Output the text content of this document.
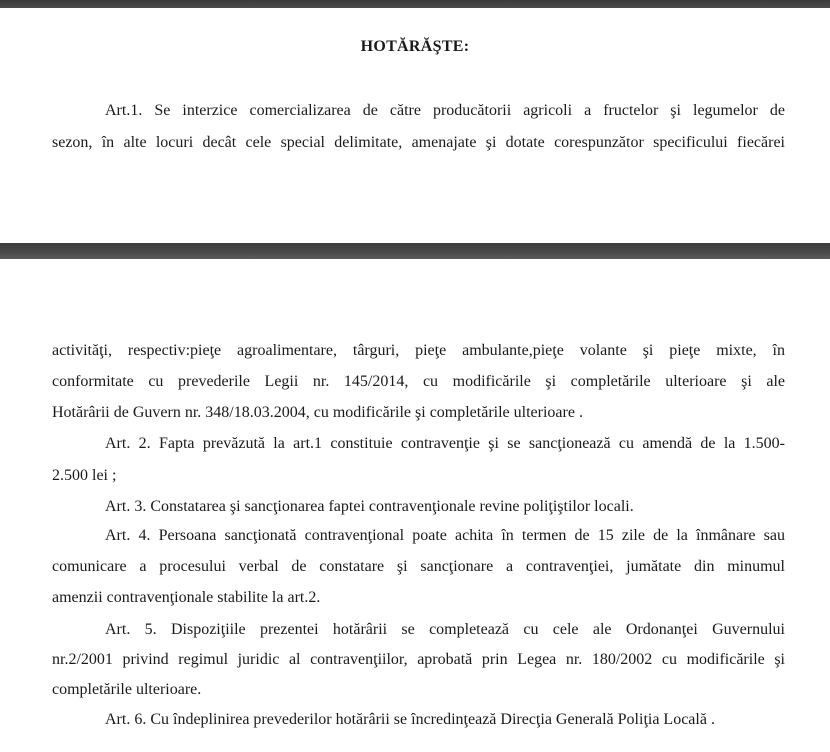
HOTĂRĂŞTE:
Art.1. Se interzice comercializarea de către producătorii agricoli a fructelor şi legumelor de
sezon, în alte locuri decât cele special delimitate, amenajate şi dotate corespunzător specificului fiecărei
activităţi, respectiv:pieţe agroalimentare, târguri, pieţe ambulante,pieţe volante şi pieţe mixte, în
conformitate cu prevederile Legii nr. 145/2014, cu modificările şi completările ulterioare şi ale
Hotărârii de Guvern nr. 348/18.03.2004, cu modificările şi completările ulterioare .
Art. 2. Fapta prevăzută la art.1 constituie contravenţie şi se sancţionează cu amendă de la 1.500-
2.500 lei ;
Art. 3. Constatarea şi sancţionarea faptei contravenţionale revine poliţiştilor locali.
Art. 4. Persoana sancţionată contravenţional poate achita în termen de 15 zile de la înmânare sau
comunicare a procesului verbal de constatare şi sancţionare a contravenţiei, jumătate din minumul
amenzii contravenţionale stabilite la art.2.
Art. 5. Dispoziţiile prezentei hotărârii se completează cu cele ale Ordonanţei Guvernului
nr.2/2001 privind regimul juridic al contravenţiilor, aprobată prin Legea nr. 180/2002 cu modificările şi
completările ulterioare.
Art. 6. Cu îndeplinirea prevederilor hotărârii se încredinţează Direcţia Generală Poliţia Locală .
